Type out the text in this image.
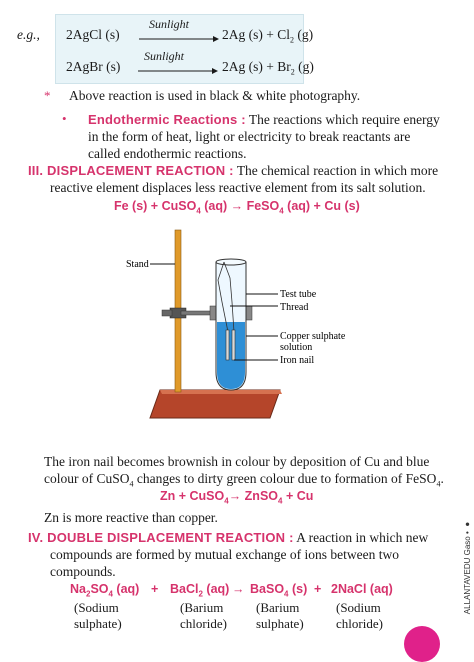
e.g., 2AgCl (s)
Sunlight
2Ag $(s) + Cl_2$ (g)
2AgBr (s)
Sunlight
2Ag $(s) + Br_2$ (g)
* Above reaction is used in black & white photography.
• Endothermic Reactions : The reactions which require energy
in the form of heat, light or electricity to break reactants are
called endothermic reactions.
III. DISPLACEMENT REACTION : The chemical reaction in which more
reactive element displaces less reactive element from its salt solution.
Fe (s) + CuSO$_4$ (aq) → FeSO$_4$ (aq) + Cu (s)
Stand
Test tube
Thread
Copper sulphate
solution
Iron nail
The iron nail becomes brownish in colour by deposition of Cu and blue
colour of CuSO$_4$ changes to dirty green colour due to formation of FeSO$_4$.
Zn + CuSO$_4$→ ZnSO$_4$ + Cu
Zn is more reactive than copper.
IV. DOUBLE DISPLACEMENT REACTION : A reaction in which new
compounds are formed by mutual exchange of ions between two
compounds.
$Na_2SO_4$ (aq) + BaCl$_2$ (aq) → BaSO$_4$ (s) + 2NaCl (aq)
(Sodium
sulphate)
(Barium
chloride)
(Barium
sulphate)
(Sodium
chloride)
ALLANTAVEDU Gaso • ●
